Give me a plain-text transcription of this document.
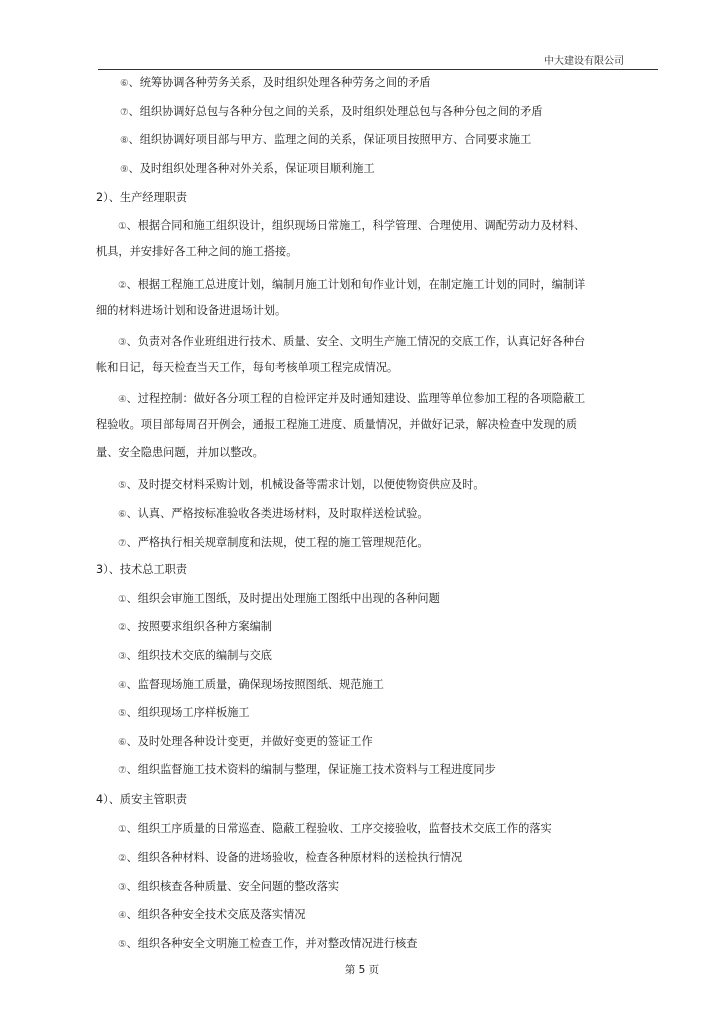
中大建设有限公司
⑥、统筹协调各种劳务关系，及时组织处理各种劳务之间的矛盾
⑦、组织协调好总包与各种分包之间的关系，及时组织处理总包与各种分包之间的矛盾
⑧、组织协调好项目部与甲方、监理之间的关系，保证项目按照甲方、合同要求施工
⑨、及时组织处理各种对外关系，保证项目顺利施工
2）、生产经理职责
①、根据合同和施工组织设计，组织现场日常施工，科学管理、合理使用、调配劳动力及材料、
机具，并安排好各工种之间的施工搭接。
②、根据工程施工总进度计划，编制月施工计划和旬作业计划，在制定施工计划的同时，编制详
细的材料进场计划和设备进退场计划。
③、负责对各作业班组进行技术、质量、安全、文明生产施工情况的交底工作，认真记好各种台
帐和日记，每天检查当天工作，每旬考核单项工程完成情况。
④、过程控制：做好各分项工程的自检评定并及时通知建设、监理等单位参加工程的各项隐蔽工
程验收。项目部每周召开例会，通报工程施工进度、质量情况，并做好记录，解决检查中发现的质
量、安全隐患问题，并加以整改。
⑤、及时提交材料采购计划，机械设备等需求计划，以便使物资供应及时。
⑥、认真、严格按标准验收各类进场材料，及时取样送检试验。
⑦、严格执行相关规章制度和法规，使工程的施工管理规范化。
3）、技术总工职责
①、组织会审施工图纸，及时提出处理施工图纸中出现的各种问题
②、按照要求组织各种方案编制
③、组织技术交底的编制与交底
④、监督现场施工质量，确保现场按照图纸、规范施工
⑤、组织现场工序样板施工
⑥、及时处理各种设计变更，并做好变更的签证工作
⑦、组织监督施工技术资料的编制与整理，保证施工技术资料与工程进度同步
4）、质安主管职责
①、组织工序质量的日常巡查、隐蔽工程验收、工序交接验收，监督技术交底工作的落实
②、组织各种材料、设备的进场验收，检查各种原材料的送检执行情况
③、组织核查各种质量、安全问题的整改落实
④、组织各种安全技术交底及落实情况
⑤、组织各种安全文明施工检查工作，并对整改情况进行核查
第 5 页
